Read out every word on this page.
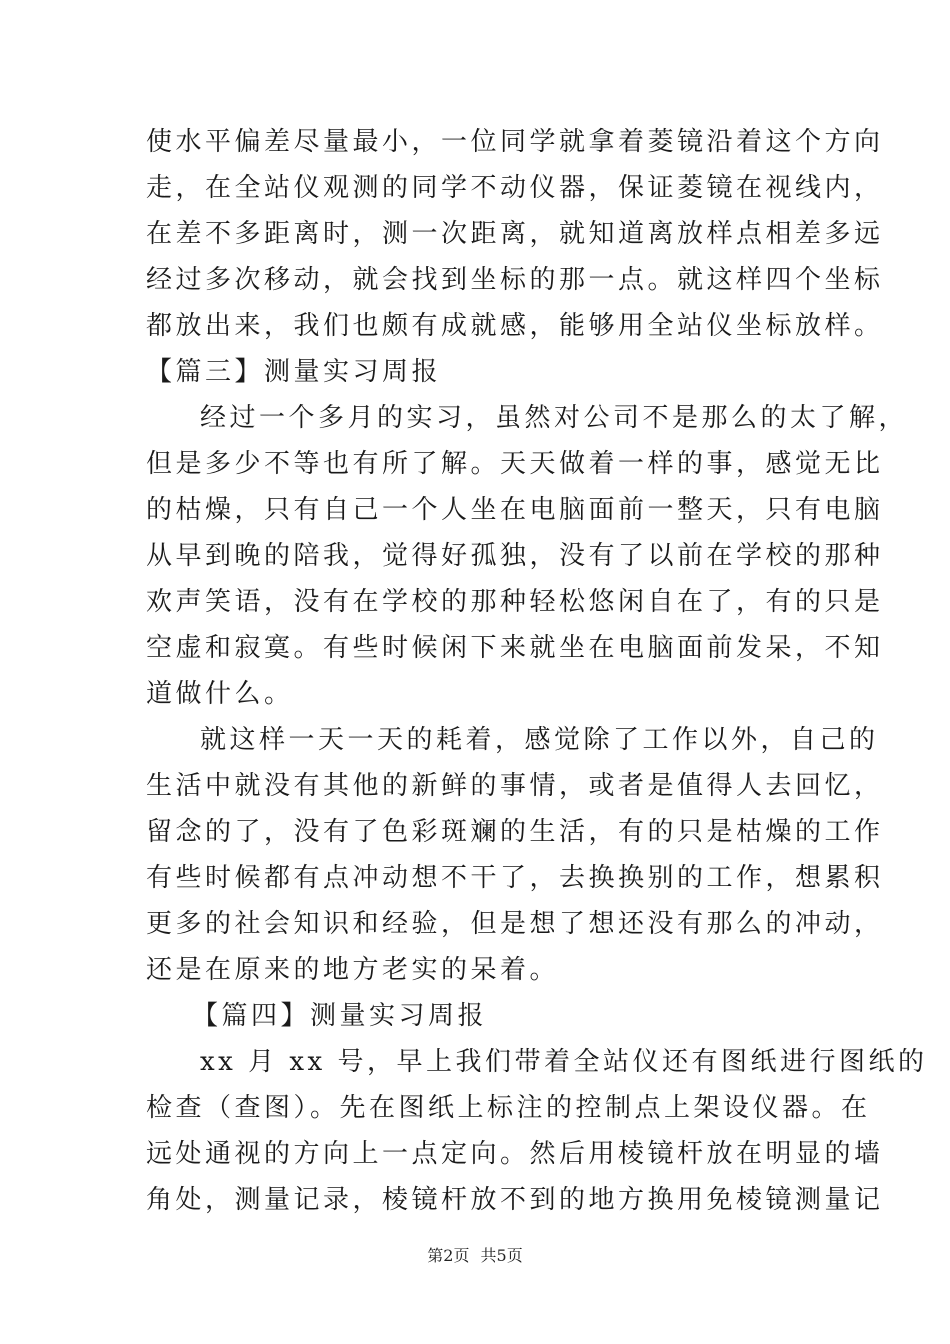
使水平偏差尽量最小，一位同学就拿着菱镜沿着这个方向
走，在全站仪观测的同学不动仪器，保证菱镜在视线内，
在差不多距离时，测一次距离，就知道离放样点相差多远
经过多次移动，就会找到坐标的那一点。就这样四个坐标
都放出来，我们也颇有成就感，能够用全站仪坐标放样。
【篇三】测量实习周报
经过一个多月的实习，虽然对公司不是那么的太了解，
但是多少不等也有所了解。天天做着一样的事，感觉无比
的枯燥，只有自己一个人坐在电脑面前一整天，只有电脑
从早到晚的陪我，觉得好孤独，没有了以前在学校的那种
欢声笑语，没有在学校的那种轻松悠闲自在了，有的只是
空虚和寂寞。有些时候闲下来就坐在电脑面前发呆，不知
道做什么。
就这样一天一天的耗着，感觉除了工作以外，自己的
生活中就没有其他的新鲜的事情，或者是值得人去回忆，
留念的了，没有了色彩斑斓的生活，有的只是枯燥的工作
有些时候都有点冲动想不干了，去换换别的工作，想累积
更多的社会知识和经验，但是想了想还没有那么的冲动，
还是在原来的地方老实的呆着。
【篇四】测量实习周报
xx 月 xx 号，早上我们带着全站仪还有图纸进行图纸的
检查（查图）。先在图纸上标注的控制点上架设仪器。在
远处通视的方向上一点定向。然后用棱镜杆放在明显的墙
角处，测量记录，棱镜杆放不到的地方换用免棱镜测量记
第2页 共5页
